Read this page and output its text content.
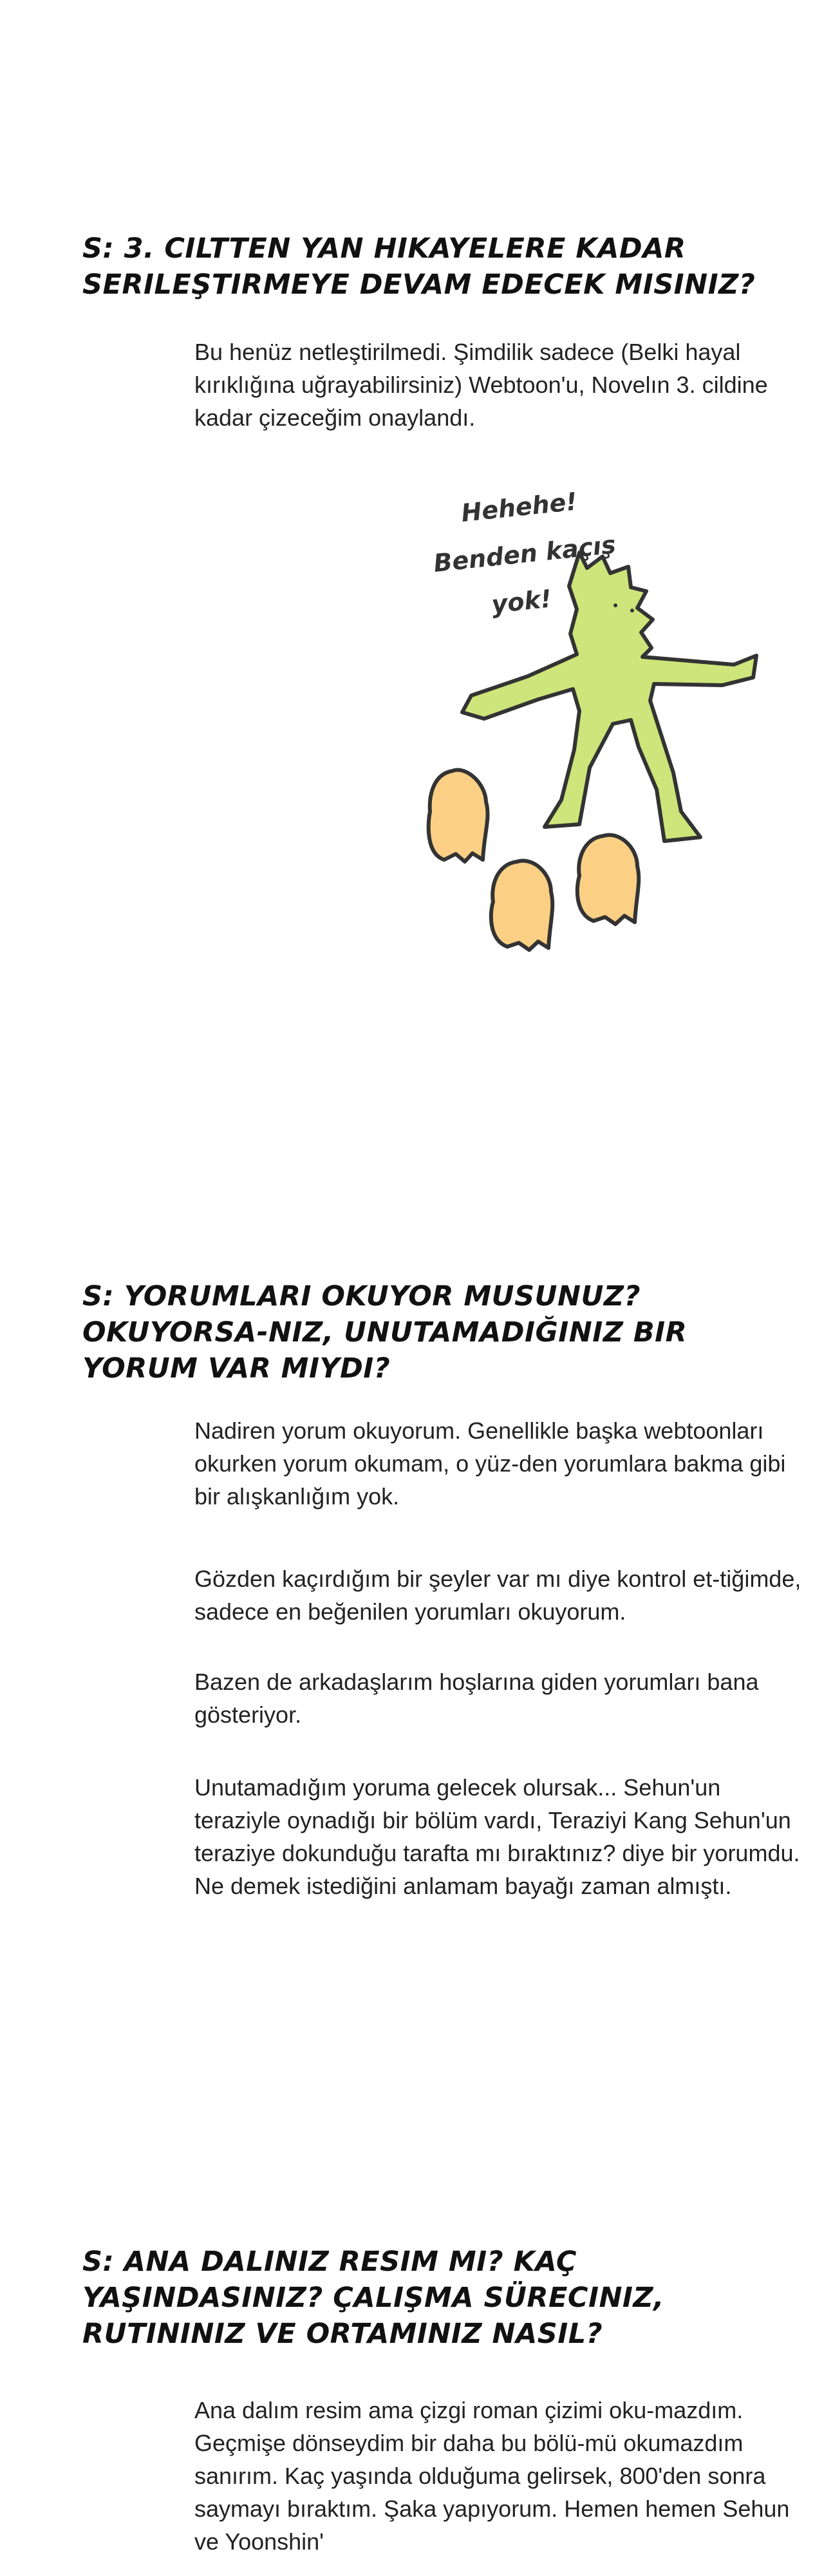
S: 3. CILTTEN YAN HIKAYELERE KADAR SERILEŞTIRMEYE DEVAM EDECEK MISINIZ?

Bu henüz netleştirilmedi. Şimdilik sadece (Belki hayal kırıklığına uğrayabilirsiniz) Webtoon'u, Novelın 3. cildine kadar çizeceğim onaylandı.

Hehehe!
Benden kaçış
yok!
S: YORUMLARI OKUYOR MUSUNUZ? OKUYORSA-NIZ, UNUTAMADIĞINIZ BIR YORUM VAR MIYDI?

Nadiren yorum okuyorum. Genellikle başka webtoonları okurken yorum okumam, o yüz-den yorumlara bakma gibi bir alışkanlığım yok.

Gözden kaçırdığım bir şeyler var mı diye kontrol et-tiğimde, sadece en beğenilen yorumları okuyorum.

Bazen de arkadaşlarım hoşlarına giden yorumları bana gösteriyor.

Unutamadığım yoruma gelecek olursak... Sehun'un teraziyle oynadığı bir bölüm vardı, Teraziyi Kang Sehun'un teraziye dokunduğu tarafta mı bıraktınız? diye bir yorumdu. Ne demek istediğini anlamam bayağı zaman almıştı.

S: ANA DALINIZ RESIM MI? KAÇ YAŞINDASINIZ? ÇALIŞMA SÜRECINIZ, RUTININIZ VE ORTAMINIZ NASIL?

Ana dalım resim ama çizgi roman çizimi oku-mazdım. Geçmişe dönseydim bir daha bu bölü-mü okumazdım sanırım. Kaç yaşında olduğuma gelirsek, 800'den sonra saymayı bıraktım. Şaka yapıyorum. Hemen hemen Sehun ve Yoonshin'
